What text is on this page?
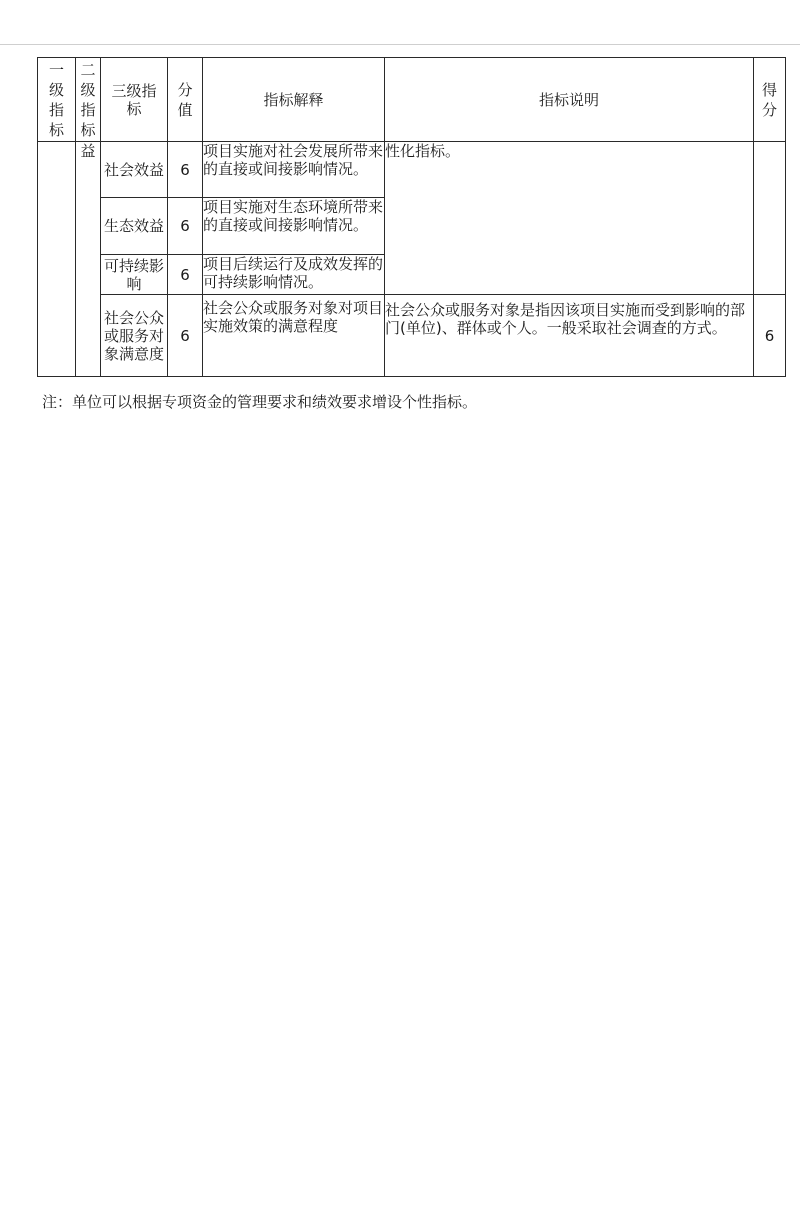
一级指标	二级指标	三级指标	分值	指标解释	指标说明	得分

	益	社会效益	6	项目实施对社会发展所带来的直接或间接影响情况。	性化指标。	
		生态效益	6	项目实施对生态环境所带来的直接或间接影响情况。		
		可持续影响	6	项目后续运行及成效发挥的可持续影响情况。		
		社会公众或服务对象满意度	6	社会公众或服务对象对项目实施效策的满意程度	社会公众或服务对象是指因该项目实施而受到影响的部门(单位)、群体或个人。一般采取社会调查的方式。	6
注：单位可以根据专项资金的管理要求和绩效要求增设个性指标。
